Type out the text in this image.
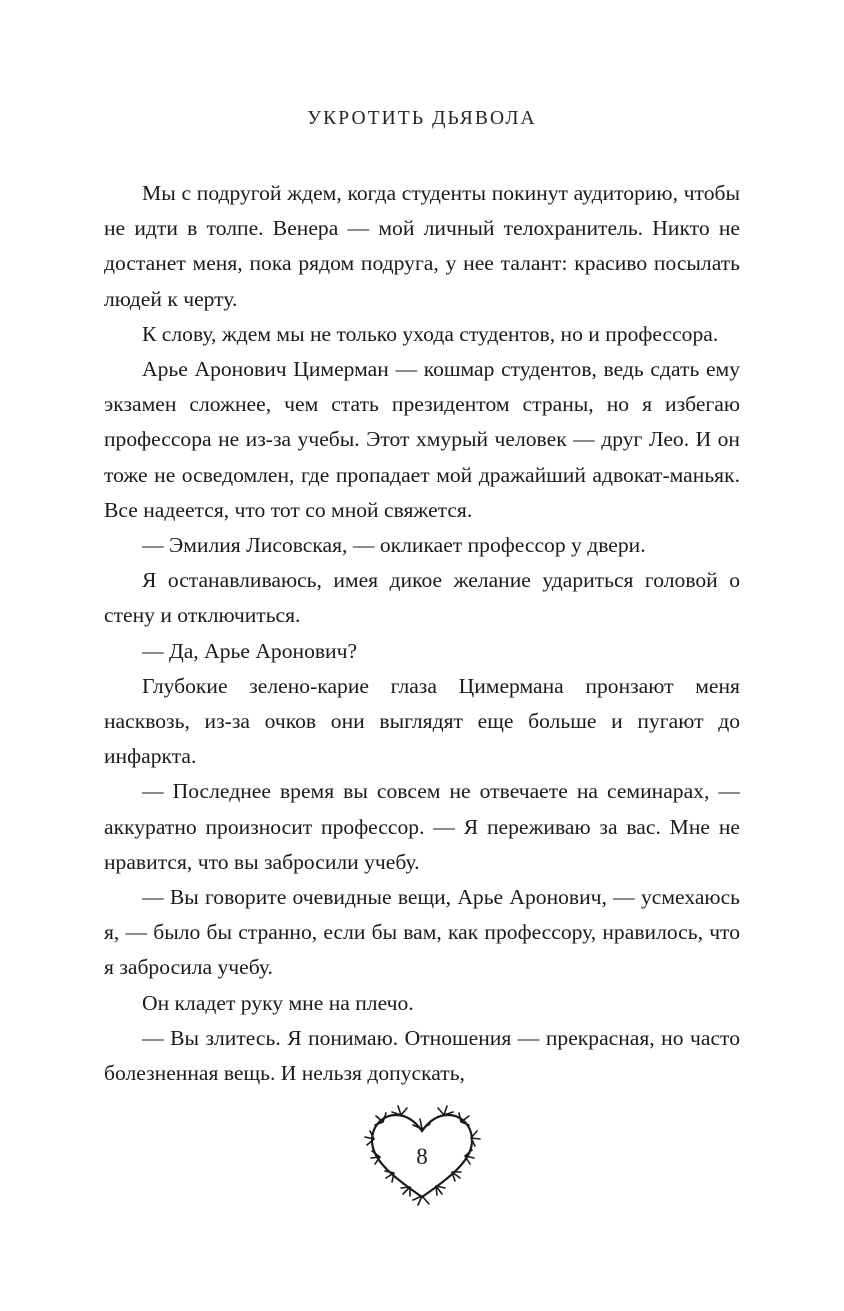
УКРОТИТЬ ДЬЯВОЛА

Мы с подругой ждем, когда студенты покинут аудиторию, чтобы не идти в толпе. Венера — мой личный телохранитель. Никто не достанет меня, пока рядом подруга, у нее талант: красиво посылать людей к черту.

К слову, ждем мы не только ухода студентов, но и профессора.

Арье Аронович Цимерман — кошмар студентов, ведь сдать ему экзамен сложнее, чем стать президентом страны, но я избегаю профессора не из-за учебы. Этот хмурый человек — друг Лео. И он тоже не осведомлен, где пропадает мой дражайший адвокат-маньяк. Все надеется, что тот со мной свяжется.

— Эмилия Лисовская, — окликает профессор у двери.

Я останавливаюсь, имея дикое желание удариться головой о стену и отключиться.

— Да, Арье Аронович?

Глубокие зелено-карие глаза Цимермана пронзают меня насквозь, из-за очков они выглядят еще больше и пугают до инфаркта.

— Последнее время вы совсем не отвечаете на семинарах, — аккуратно произносит профессор. — Я переживаю за вас. Мне не нравится, что вы забросили учебу.

— Вы говорите очевидные вещи, Арье Аронович, — усмехаюсь я, — было бы странно, если бы вам, как профессору, нравилось, что я забросила учебу.

Он кладет руку мне на плечо.

— Вы злитесь. Я понимаю. Отношения — прекрасная, но часто болезненная вещь. И нельзя допускать,

8
